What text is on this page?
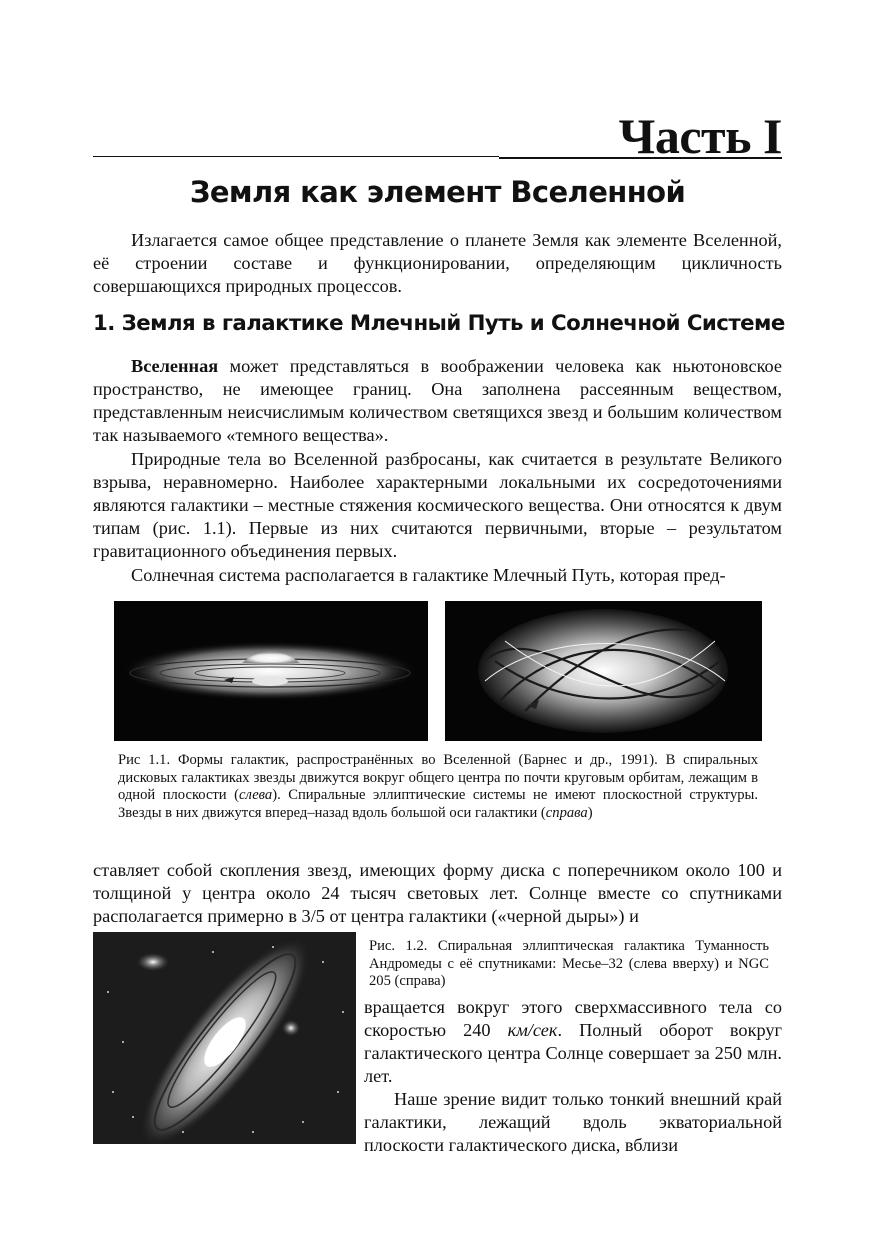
Часть I
Земля как элемент Вселенной

Излагается самое общее представление о планете Земля как элементе Вселенной, её строении составе и функционировании, определяющим цикличность совершающихся природных процессов.

1. Земля в галактике Млечный Путь и Солнечной Системе

Вселенная может представляться в воображении человека как ньютоновское пространство, не имеющее границ. Она заполнена рассеянным веществом, представленным неисчислимым количеством светящихся звезд и большим количеством так называемого «темного вещества».

Природные тела во Вселенной разбросаны, как считается в результате Великого взрыва, неравномерно. Наиболее характерными локальными их сосредоточениями являются галактики – местные стяжения космического вещества. Они относятся к двум типам (рис. 1.1). Первые из них считаются первичными, вторые – результатом гравитационного объединения первых.

Солнечная система располагается в галактике Млечный Путь, которая пред-

Рис 1.1. Формы галактик, распространённых во Вселенной (Барнес и др., 1991). В спиральных дисковых галактиках звезды движутся вокруг общего центра по почти круговым орбитам, лежащим в одной плоскости (слева). Спиральные эллиптические системы не имеют плоскостной структуры. Звезды в них движутся вперед–назад вдоль большой оси галактики (справа)

ставляет собой скопления звезд, имеющих форму диска с поперечником около 100 и толщиной у центра около 24 тысяч световых лет. Солнце вместе со спутниками располагается примерно в 3/5 от центра галактики («черной дыры») и

Рис. 1.2. Спиральная эллиптическая галактика Туманность Андромеды с её спутниками: Месье–32 (слева вверху) и NGC 205 (справа)

вращается вокруг этого сверхмассивного тела со скоростью 240 км/сек. Полный оборот вокруг галактического центра Солнце совершает за 250 млн. лет.

Наше зрение видит только тонкий внешний край галактики, лежащий вдоль экваториальной плоскости галактического диска, вблизи
